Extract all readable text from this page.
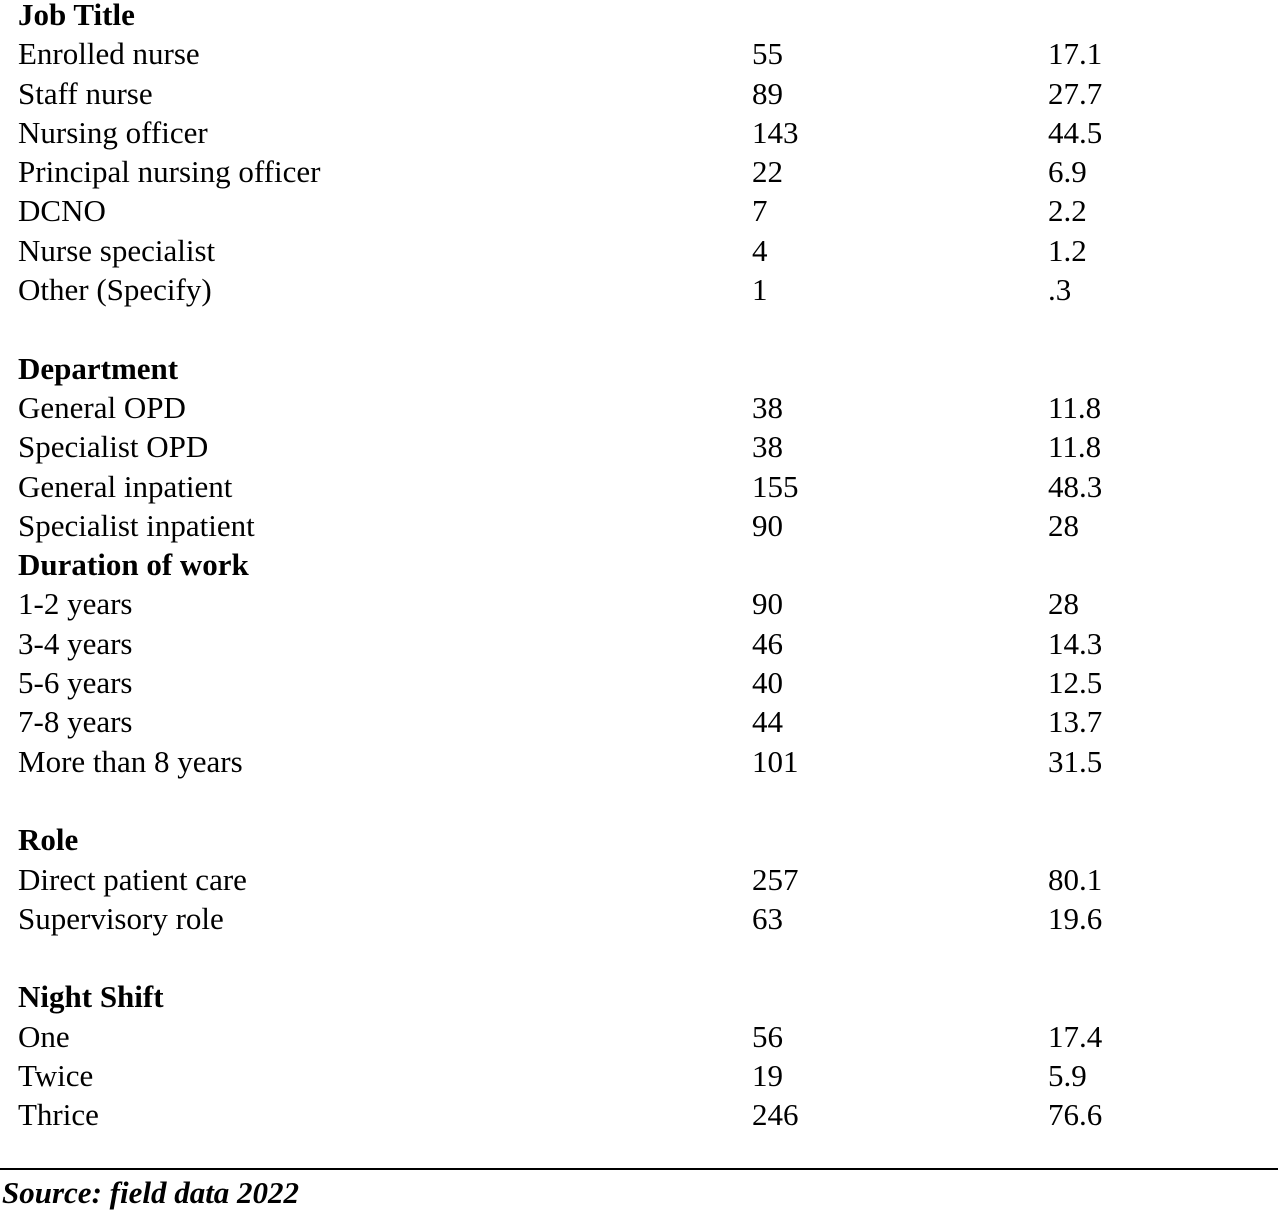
Job Title
Enrolled nurse	55	17.1
Staff nurse	89	27.7
Nursing officer	143	44.5
Principal nursing officer	22	6.9
DCNO	7	2.2
Nurse specialist	4	1.2
Other (Specify)	1	.3
Department
General OPD	38	11.8
Specialist OPD	38	11.8
General inpatient	155	48.3
Specialist inpatient	90	28
Duration of work
1-2 years	90	28
3-4 years	46	14.3
5-6 years	40	12.5
7-8 years	44	13.7
More than 8 years	101	31.5
Role
Direct patient care	257	80.1
Supervisory role	63	19.6
Night Shift
One	56	17.4
Twice	19	5.9
Thrice	246	76.6
Source: field data 2022
